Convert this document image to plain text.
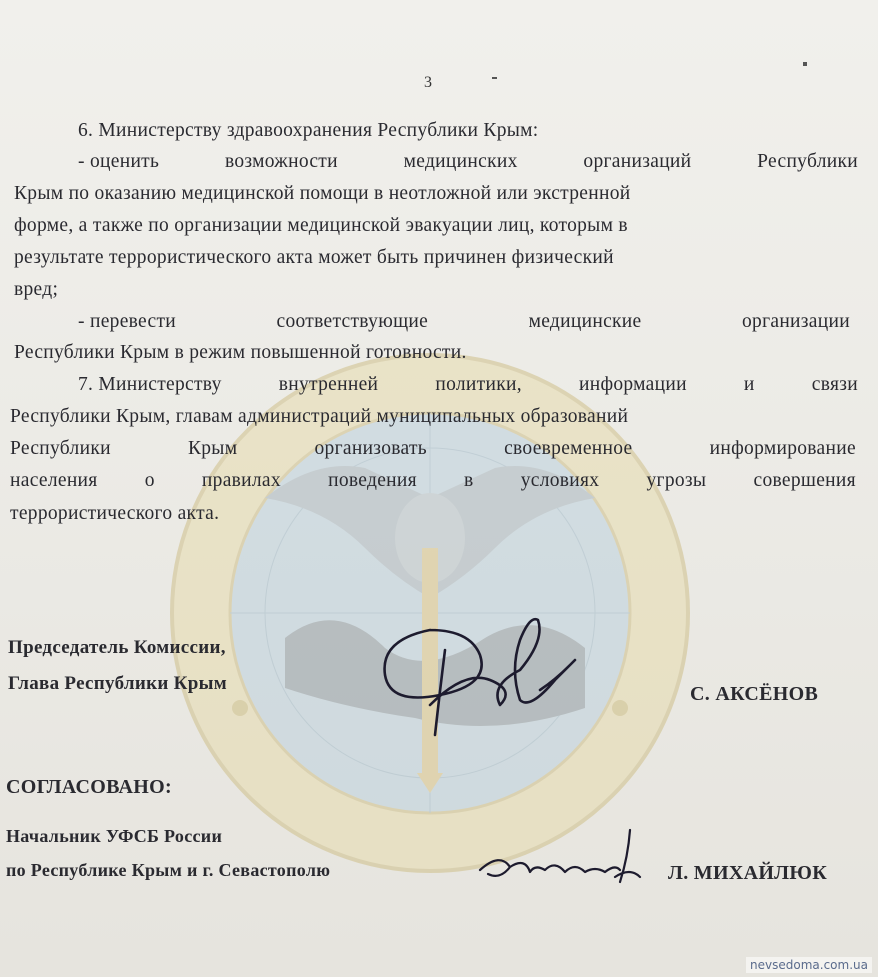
3
6. Министерству здравоохранения Республики Крым:
- оценить	возможности	медицинских	организаций	Республики
Крым по оказанию медицинской помощи в неотложной или экстренной
форме, а также по организации медицинской эвакуации лиц, которым в
результате террористического акта может быть причинен физический
вред;
- перевести	соответствующие	медицинские	организации
Республики Крым в режим повышенной готовности.
7. Министерству	внутренней	политики,	информации	и	связи
Республики Крым, главам администраций муниципальных образований
Республики	Крым	организовать	своевременное	информирование
населения о правилах поведения в условиях угрозы совершения
террористического акта.
Председатель Комиссии,
Глава Республики Крым	С. АКСЁНОВ
СОГЛАСОВАНО:
Начальник УФСБ России
по Республике Крым и г. Севастополю	Л. МИХАЙЛЮК
nevsedoma.com.ua
